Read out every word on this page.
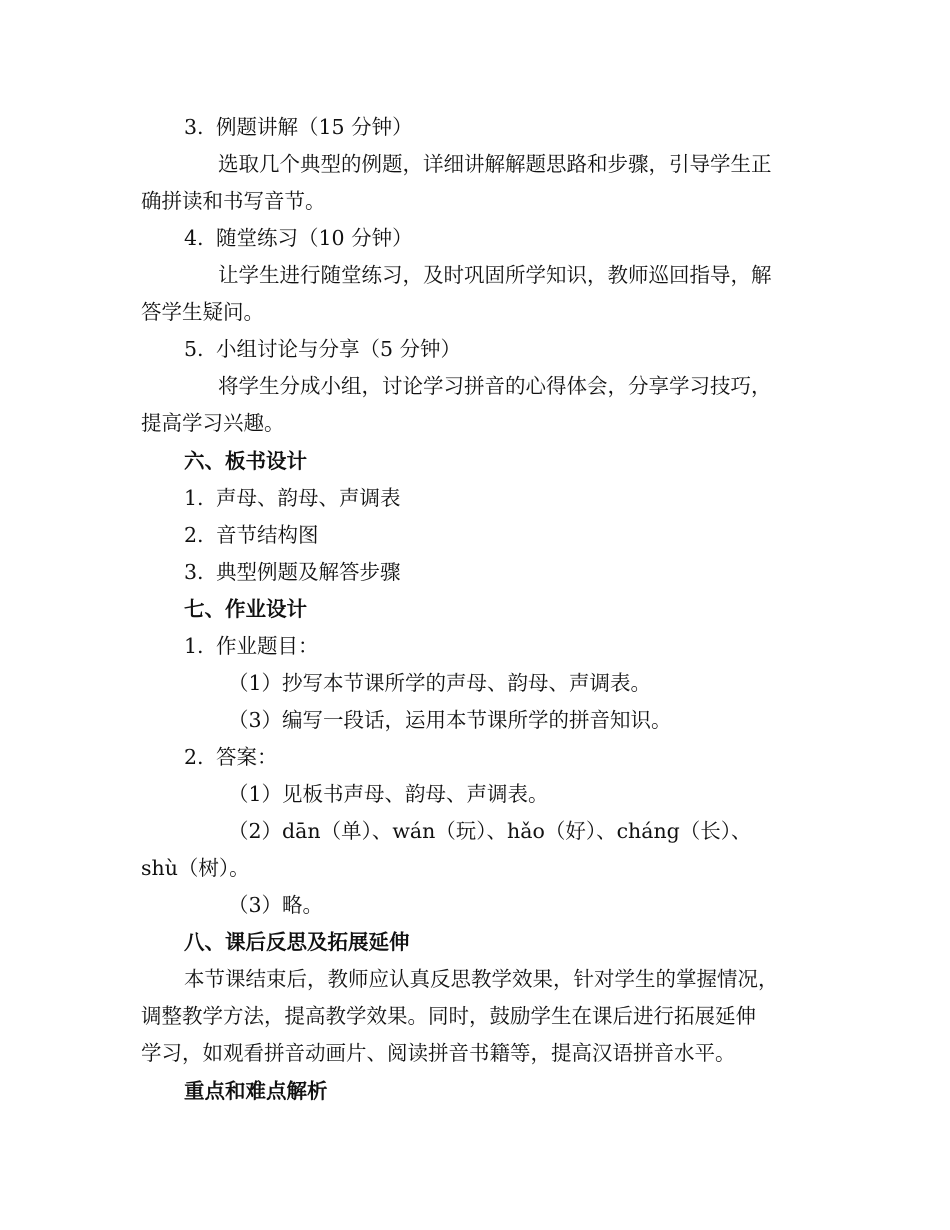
3. 例题讲解（15 分钟）
选取几个典型的例题，详细讲解解题思路和步骤，引导学生正
确拼读和书写音节。
4. 随堂练习（10 分钟）
让学生进行随堂练习，及时巩固所学知识，教师巡回指导，解
答学生疑问。
5. 小组讨论与分享（5 分钟）
将学生分成小组，讨论学习拼音的心得体会，分享学习技巧，
提高学习兴趣。
六、板书设计
1. 声母、韵母、声调表
2. 音节结构图
3. 典型例题及解答步骤
七、作业设计
1. 作业题目：
（1）抄写本节课所学的声母、韵母、声调表。
（3）编写一段话，运用本节课所学的拼音知识。
2. 答案：
（1）见板书声母、韵母、声调表。
（2）dān（单）、wán（玩）、hǎo（好）、cháng（长）、
shù（树）。
（3）略。
八、课后反思及拓展延伸
本节课结束后，教师应认真反思教学效果，针对学生的掌握情况，
调整教学方法，提高教学效果。同时，鼓励学生在课后进行拓展延伸
学习，如观看拼音动画片、阅读拼音书籍等，提高汉语拼音水平。
重点和难点解析
